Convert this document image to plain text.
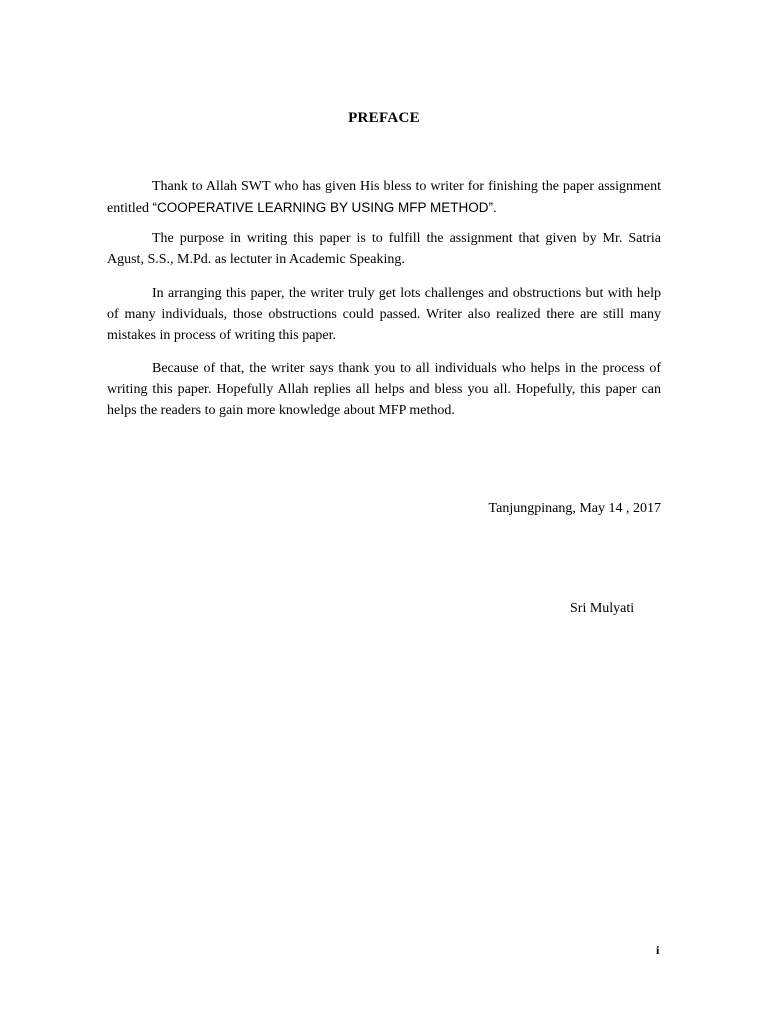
PREFACE

Thank to Allah SWT who has given His bless to writer for finishing the paper assignment entitled “COOPERATIVE LEARNING BY USING MFP METHOD”.

The purpose in writing this paper is to fulfill the assignment that given by Mr. Satria Agust, S.S., M.Pd. as lectuter in Academic Speaking.

In arranging this paper, the writer truly get lots challenges and obstructions but with help of many individuals, those obstructions could passed. Writer also realized there are still many mistakes in process of writing this paper.

Because of that, the writer says thank you to all individuals who helps in the process of writing this paper. Hopefully Allah replies all helps and bless you all. Hopefully, this paper can helps the readers to gain more knowledge about MFP method.

Tanjungpinang, May 14 , 2017
Sri Mulyati
i
